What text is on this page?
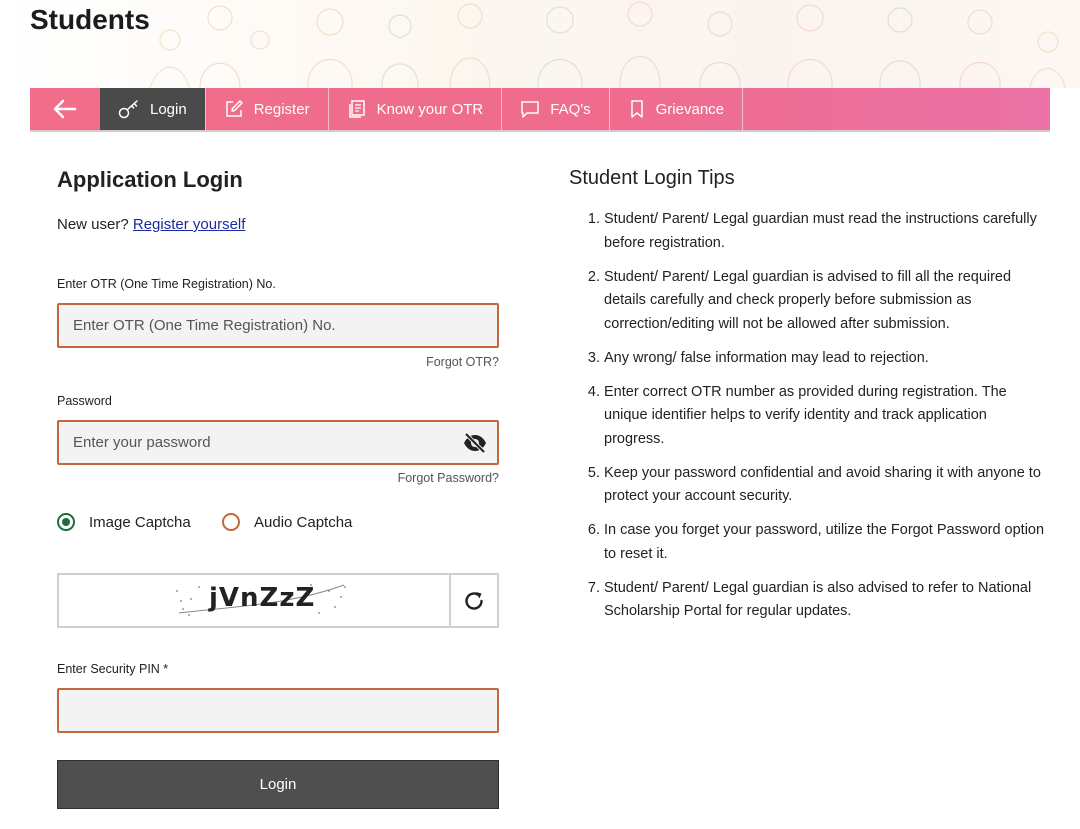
Students
Login	Register	Know your OTR	FAQ's	Grievance
Application Login
New user? Register yourself
Enter OTR (One Time Registration) No.
Enter OTR (One Time Registration) No.
Forgot OTR?
Password
Forgot Password?
Image Captcha	Audio Captcha
jVnZzZ
Enter Security PIN *
Login
Student Login Tips
1. Student/ Parent/ Legal guardian must read the instructions carefully before registration.
2. Student/ Parent/ Legal guardian is advised to fill all the required details carefully and check properly before submission as correction/editing will not be allowed after submission.
3. Any wrong/ false information may lead to rejection.
4. Enter correct OTR number as provided during registration. The unique identifier helps to verify identity and track application progress.
5. Keep your password confidential and avoid sharing it with anyone to protect your account security.
6. In case you forget your password, utilize the Forgot Password option to reset it.
7. Student/ Parent/ Legal guardian is also advised to refer to National Scholarship Portal for regular updates.
